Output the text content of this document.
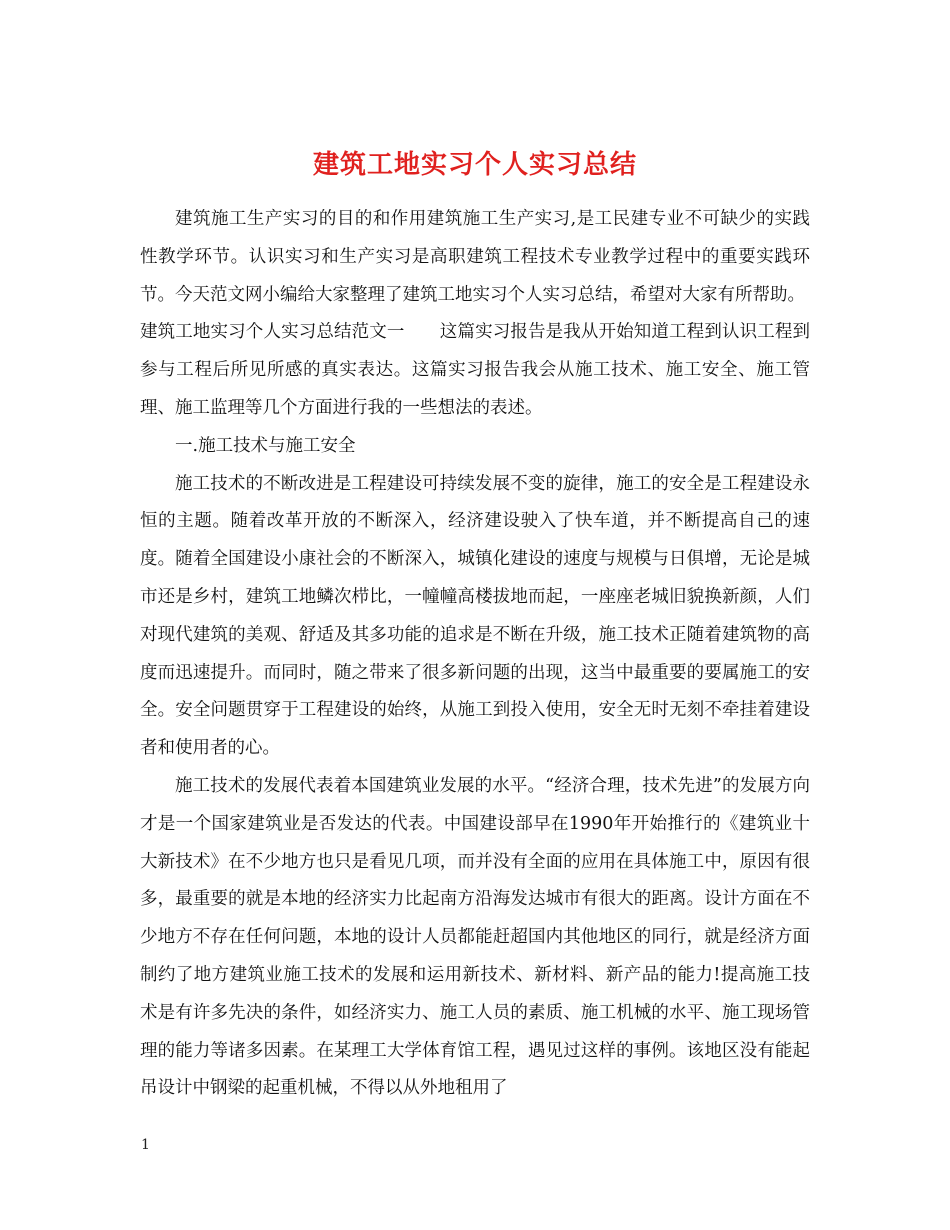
建筑工地实习个人实习总结

建筑施工生产实习的目的和作用建筑施工生产实习,是工民建专业不可缺少的实践性教学环节。认识实习和生产实习是高职建筑工程技术专业教学过程中的重要实践环节。今天范文网小编给大家整理了建筑工地实习个人实习总结，希望对大家有所帮助。

建筑工地实习个人实习总结范文一　　这篇实习报告是我从开始知道工程到认识工程到参与工程后所见所感的真实表达。这篇实习报告我会从施工技术、施工安全、施工管理、施工监理等几个方面进行我的一些想法的表述。

一.施工技术与施工安全

施工技术的不断改进是工程建设可持续发展不变的旋律，施工的安全是工程建设永恒的主题。随着改革开放的不断深入，经济建设驶入了快车道，并不断提高自己的速度。随着全国建设小康社会的不断深入，城镇化建设的速度与规模与日俱增，无论是城市还是乡村，建筑工地鳞次栉比，一幢幢高楼拔地而起，一座座老城旧貌换新颜，人们对现代建筑的美观、舒适及其多功能的追求是不断在升级，施工技术正随着建筑物的高度而迅速提升。而同时，随之带来了很多新问题的出现，这当中最重要的要属施工的安全。安全问题贯穿于工程建设的始终，从施工到投入使用，安全无时无刻不牵挂着建设者和使用者的心。

施工技术的发展代表着本国建筑业发展的水平。“经济合理，技术先进”的发展方向才是一个国家建筑业是否发达的代表。中国建设部早在1990年开始推行的《建筑业十大新技术》在不少地方也只是看见几项，而并没有全面的应用在具体施工中，原因有很多，最重要的就是本地的经济实力比起南方沿海发达城市有很大的距离。设计方面在不少地方不存在任何问题，本地的设计人员都能赶超国内其他地区的同行，就是经济方面制约了地方建筑业施工技术的发展和运用新技术、新材料、新产品的能力!提高施工技术是有许多先决的条件，如经济实力、施工人员的素质、施工机械的水平、施工现场管理的能力等诸多因素。在某理工大学体育馆工程，遇见过这样的事例。该地区没有能起吊设计中钢梁的起重机械，不得以从外地租用了

1
